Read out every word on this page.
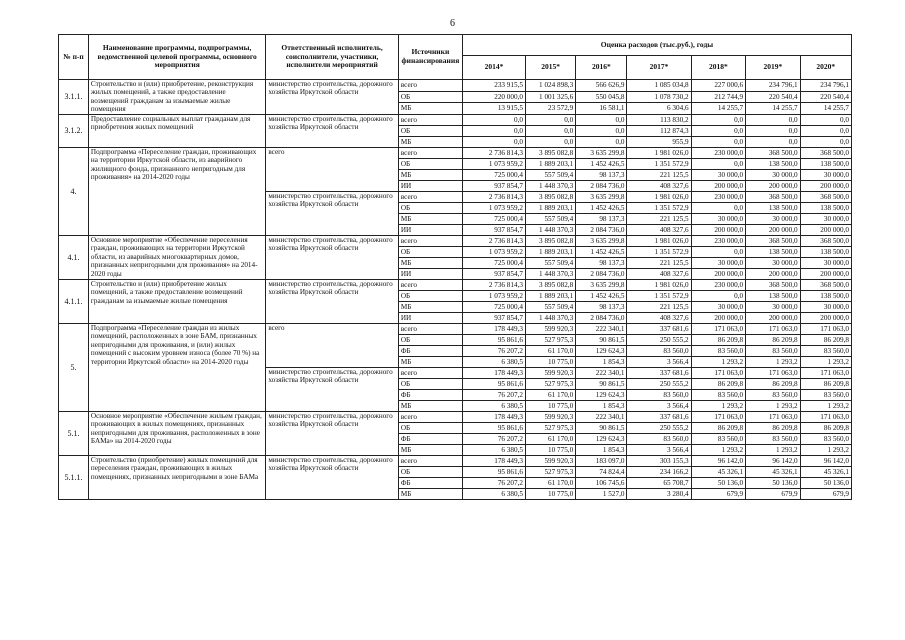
6
№ п-п	Наименование программы, подпрограммы, ведомственной целевой программы, основного мероприятия	Ответственный исполнитель, соисполнители, участники, исполнители мероприятий	Источники финансирования	Оценка расходов (тыс.руб.), годы						
				2014*	2015*	2016*	2017*	2018*	2019*	2020*
3.1.1.	Строительство и (или) приобретение, реконструкция жилых помещений, а также предоставление возмещений гражданам за изымаемые жилые помещения	министерство строительства, дорожного хозяйства Иркутской области	всего	233 915,5	1 024 898,3	566 626,9	1 085 034,8	227 000,6	234 796,1	234 796,1
			ОБ	220 000,0	1 001 325,6	550 045,8	1 078 730,2	212 744,9	220 540,4	220 540,4
			МБ	13 915,5	23 572,9	16 581,1	6 304,6	14 255,7	14 255,7	14 255,7
3.1.2.	Предоставление социальных выплат гражданам для приобретения жилых помещений	министерство строительства, дорожного хозяйства Иркутской области	всего	0,0	0,0	0,0	113 830,2	0,0	0,0	0,0
			ОБ	0,0	0,0	0,0	112 874,3	0,0	0,0	0,0
			МБ	0,0	0,0	0,0	955,9	0,0	0,0	0,0
4.	Подпрограмма «Переселение граждан, проживающих на территории Иркутской области, из аварийного жилищного фонда, признанного непригодным для проживания» на 2014-2020 годы	всего	всего	2 736 814,3	3 895 082,8	3 635 299,8	1 981 026,0	230 000,0	368 500,0	368 500,0
			ОБ	1 073 959,2	1 889 203,1	1 452 426,5	1 351 572,9	0,0	138 500,0	138 500,0
			МБ	725 000,4	557 509,4	98 137,3	221 125,5	30 000,0	30 000,0	30 000,0
			ИИ	937 854,7	1 448 370,3	2 084 736,0	408 327,6	200 000,0	200 000,0	200 000,0
		министерство строительства, дорожного хозяйства Иркутской области	всего	2 736 814,3	3 895 082,8	3 635 299,8	1 981 026,0	230 000,0	368 500,0	368 500,0
			ОБ	1 073 959,2	1 889 203,1	1 452 426,5	1 351 572,9	0,0	138 500,0	138 500,0
			МБ	725 000,4	557 509,4	98 137,3	221 125,5	30 000,0	30 000,0	30 000,0
			ИИ	937 854,7	1 448 370,3	2 084 736,0	408 327,6	200 000,0	200 000,0	200 000,0
4.1.	Основное мероприятие «Обеспечение переселения граждан, проживающих на территории Иркутской области, из аварийных многоквартирных домов, признанных непригодными для проживания» на 2014-2020 годы	министерство строительства, дорожного хозяйства Иркутской области	всего	2 736 814,3	3 895 082,8	3 635 299,8	1 981 026,0	230 000,0	368 500,0	368 500,0
			ОБ	1 073 959,2	1 889 203,1	1 452 426,5	1 351 572,9	0,0	138 500,0	138 500,0
			МБ	725 000,4	557 509,4	98 137,3	221 125,5	30 000,0	30 000,0	30 000,0
			ИИ	937 854,7	1 448 370,3	2 084 736,0	408 327,6	200 000,0	200 000,0	200 000,0
4.1.1.	Строительство и (или) приобретение жилых помещений, а также предоставление возмещений гражданам за изымаемые жилые помещения	министерство строительства, дорожного хозяйства Иркутской области	всего	2 736 814,3	3 895 082,8	3 635 299,8	1 981 026,0	230 000,0	368 500,0	368 500,0
			ОБ	1 073 959,2	1 889 203,1	1 452 426,5	1 351 572,9	0,0	138 500,0	138 500,0
			МБ	725 000,4	557 509,4	98 137,3	221 125,5	30 000,0	30 000,0	30 000,0
			ИИ	937 854,7	1 448 370,3	2 084 736,0	408 327,6	200 000,0	200 000,0	200 000,0
5.	Подпрограмма «Переселение граждан из жилых помещений, расположенных в зоне БАМ, признанных непригодными для проживания, и (или) жилых помещений с высоким уровнем износа (более 70 %) на территории Иркутской области» на 2014-2020 годы	всего	всего	178 449,3	599 920,3	222 340,1	337 681,6	171 063,0	171 063,0	171 063,0
			ОБ	95 861,6	527 975,3	90 861,5	250 555,2	86 209,8	86 209,8	86 209,8
			ФБ	76 207,2	61 170,0	129 624,3	83 560,0	83 560,0	83 560,0	83 560,0
			МБ	6 380,5	10 775,0	1 854,3	3 566,4	1 293,2	1 293,2	1 293,2
		министерство строительства, дорожного хозяйства Иркутской области	всего	178 449,3	599 920,3	222 340,1	337 681,6	171 063,0	171 063,0	171 063,0
			ОБ	95 861,6	527 975,3	90 861,5	250 555,2	86 209,8	86 209,8	86 209,8
			ФБ	76 207,2	61 170,0	129 624,3	83 560,0	83 560,0	83 560,0	83 560,0
			МБ	6 380,5	10 775,0	1 854,3	3 566,4	1 293,2	1 293,2	1 293,2
5.1.	Основное мероприятие «Обеспечение жильем граждан, проживающих в жилых помещениях, признанных непригодными для проживания, расположенных в зоне БАМа» на 2014-2020 годы	министерство строительства, дорожного хозяйства Иркутской области	всего	178 449,3	599 920,3	222 340,1	337 681,6	171 063,0	171 063,0	171 063,0
			ОБ	95 861,6	527 975,3	90 861,5	250 555,2	86 209,8	86 209,8	86 209,8
			ФБ	76 207,2	61 170,0	129 624,3	83 560,0	83 560,0	83 560,0	83 560,0
			МБ	6 380,5	10 775,0	1 854,3	3 566,4	1 293,2	1 293,2	1 293,2
5.1.1.	Строительство (приобретение) жилых помещений для переселения граждан, проживающих в жилых помещениях, признанных непригодными в зоне БАМа	министерство строительства, дорожного хозяйства Иркутской области	всего	178 449,3	599 920,3	183 097,0	303 155,3	96 142,0	96 142,0	96 142,0
			ОБ	95 861,6	527 975,3	74 824,4	234 166,2	45 326,1	45 326,1	45 326,1
			ФБ	76 207,2	61 170,0	106 745,6	65 708,7	50 136,0	50 136,0	50 136,0
			МБ	6 380,5	10 775,0	1 527,0	3 280,4	679,9	679,9	679,9
